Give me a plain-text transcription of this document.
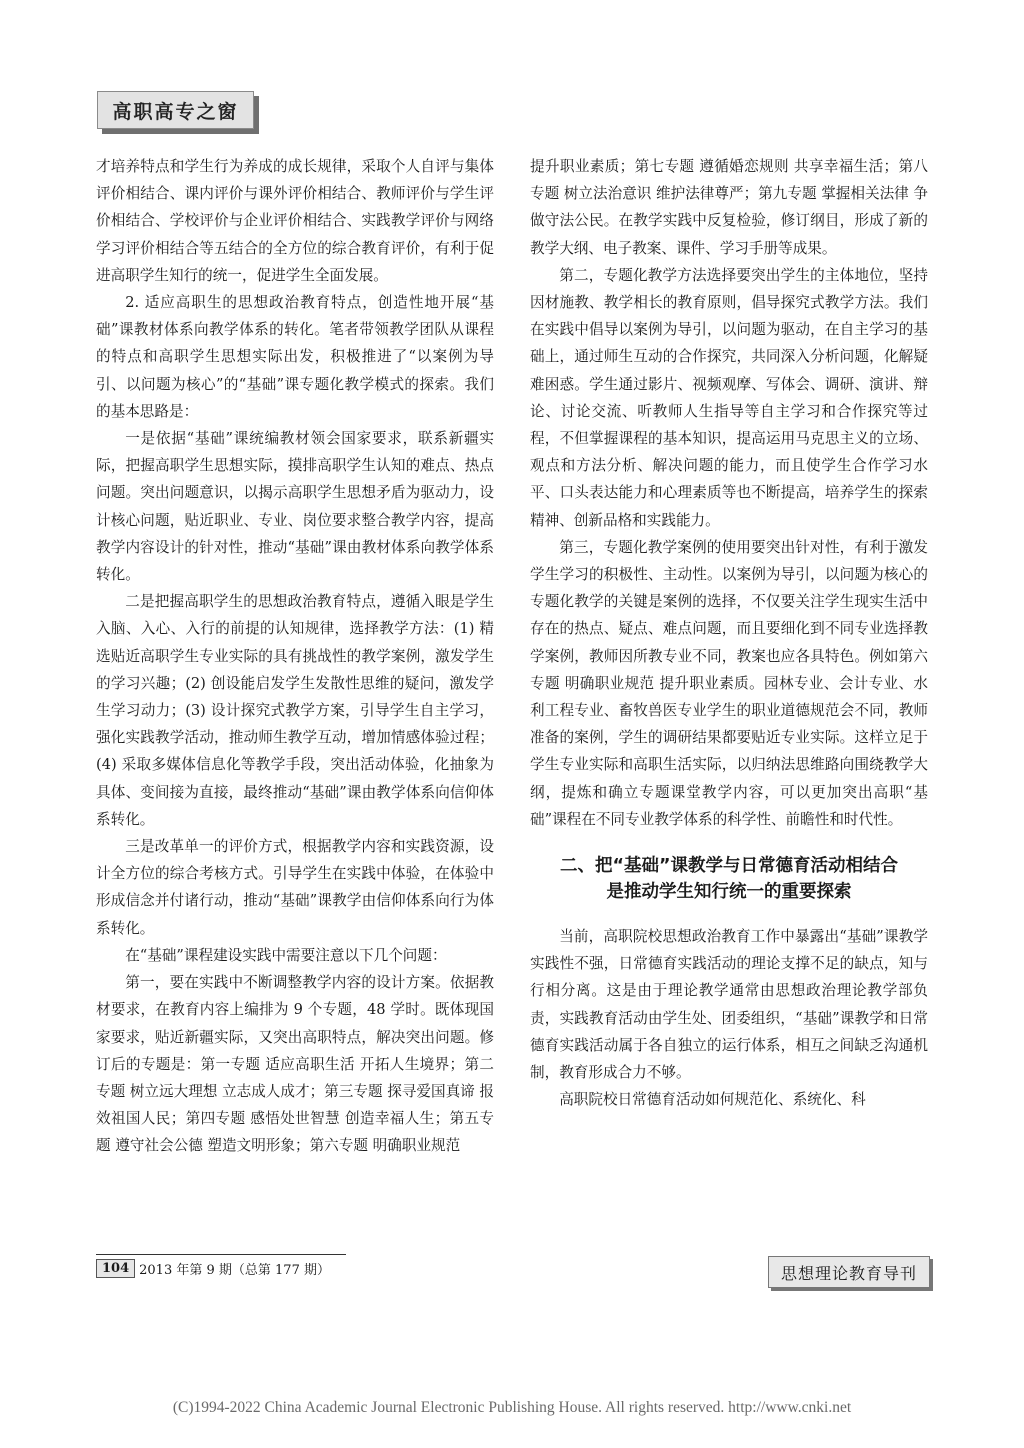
高职高专之窗

才培养特点和学生行为养成的成长规律，采取个人自评与集体评价相结合、课内评价与课外评价相结合、教师评价与学生评价相结合、学校评价与企业评价相结合、实践教学评价与网络学习评价相结合等五结合的全方位的综合教育评价，有利于促进高职学生知行的统一，促进学生全面发展。

2. 适应高职生的思想政治教育特点，创造性地开展“基础”课教材体系向教学体系的转化。笔者带领教学团队从课程的特点和高职学生思想实际出发，积极推进了“以案例为导引、以问题为核心”的“基础”课专题化教学模式的探索。我们的基本思路是：

一是依据“基础”课统编教材领会国家要求，联系新疆实际，把握高职学生思想实际，摸排高职学生认知的难点、热点问题。突出问题意识，以揭示高职学生思想矛盾为驱动力，设计核心问题，贴近职业、专业、岗位要求整合教学内容，提高教学内容设计的针对性，推动“基础”课由教材体系向教学体系转化。

二是把握高职学生的思想政治教育特点，遵循入眼是学生入脑、入心、入行的前提的认知规律，选择教学方法：(1) 精选贴近高职学生专业实际的具有挑战性的教学案例，激发学生的学习兴趣；(2) 创设能启发学生发散性思维的疑问，激发学生学习动力；(3) 设计探究式教学方案，引导学生自主学习，强化实践教学活动，推动师生教学互动，增加情感体验过程；(4) 采取多媒体信息化等教学手段，突出活动体验，化抽象为具体、变间接为直接，最终推动“基础”课由教学体系向信仰体系转化。

三是改革单一的评价方式，根据教学内容和实践资源，设计全方位的综合考核方式。引导学生在实践中体验，在体验中形成信念并付诸行动，推动“基础”课教学由信仰体系向行为体系转化。

在“基础”课程建设实践中需要注意以下几个问题：

第一，要在实践中不断调整教学内容的设计方案。依据教材要求，在教育内容上编排为 9 个专题，48 学时。既体现国家要求，贴近新疆实际，又突出高职特点，解决突出问题。修订后的专题是：第一专题 适应高职生活 开拓人生境界；第二专题 树立远大理想 立志成人成才；第三专题 探寻爱国真谛 报效祖国人民；第四专题 感悟处世智慧 创造幸福人生；第五专题 遵守社会公德 塑造文明形象；第六专题 明确职业规范

提升职业素质；第七专题 遵循婚恋规则 共享幸福生活；第八专题 树立法治意识 维护法律尊严；第九专题 掌握相关法律 争做守法公民。在教学实践中反复检验，修订纲目，形成了新的教学大纲、电子教案、课件、学习手册等成果。

第二，专题化教学方法选择要突出学生的主体地位，坚持因材施教、教学相长的教育原则，倡导探究式教学方法。我们在实践中倡导以案例为导引，以问题为驱动，在自主学习的基础上，通过师生互动的合作探究，共同深入分析问题，化解疑难困惑。学生通过影片、视频观摩、写体会、调研、演讲、辩论、讨论交流、听教师人生指导等自主学习和合作探究等过程，不但掌握课程的基本知识，提高运用马克思主义的立场、观点和方法分析、解决问题的能力，而且使学生合作学习水平、口头表达能力和心理素质等也不断提高，培养学生的探索精神、创新品格和实践能力。

第三，专题化教学案例的使用要突出针对性，有利于激发学生学习的积极性、主动性。以案例为导引，以问题为核心的专题化教学的关键是案例的选择，不仅要关注学生现实生活中存在的热点、疑点、难点问题，而且要细化到不同专业选择教学案例，教师因所教专业不同，教案也应各具特色。例如第六专题 明确职业规范 提升职业素质。园林专业、会计专业、水利工程专业、畜牧兽医专业学生的职业道德规范会不同，教师准备的案例，学生的调研结果都要贴近专业实际。这样立足于学生专业实际和高职生活实际，以归纳法思维路向围绕教学大纲，提炼和确立专题课堂教学内容，可以更加突出高职“基础”课程在不同专业教学体系的科学性、前瞻性和时代性。

二、把“基础”课教学与日常德育活动相结合
是推动学生知行统一的重要探索

当前，高职院校思想政治教育工作中暴露出“基础”课教学实践性不强，日常德育实践活动的理论支撑不足的缺点，知与行相分离。这是由于理论教学通常由思想政治理论教学部负责，实践教育活动由学生处、团委组织，“基础”课教学和日常德育实践活动属于各自独立的运行体系，相互之间缺乏沟通机制，教育形成合力不够。

高职院校日常德育活动如何规范化、系统化、科

104 2013 年第 9 期（总第 177 期）	思想理论教育导刊
(C)1994-2022 China Academic Journal Electronic Publishing House. All rights reserved. http://www.cnki.net
